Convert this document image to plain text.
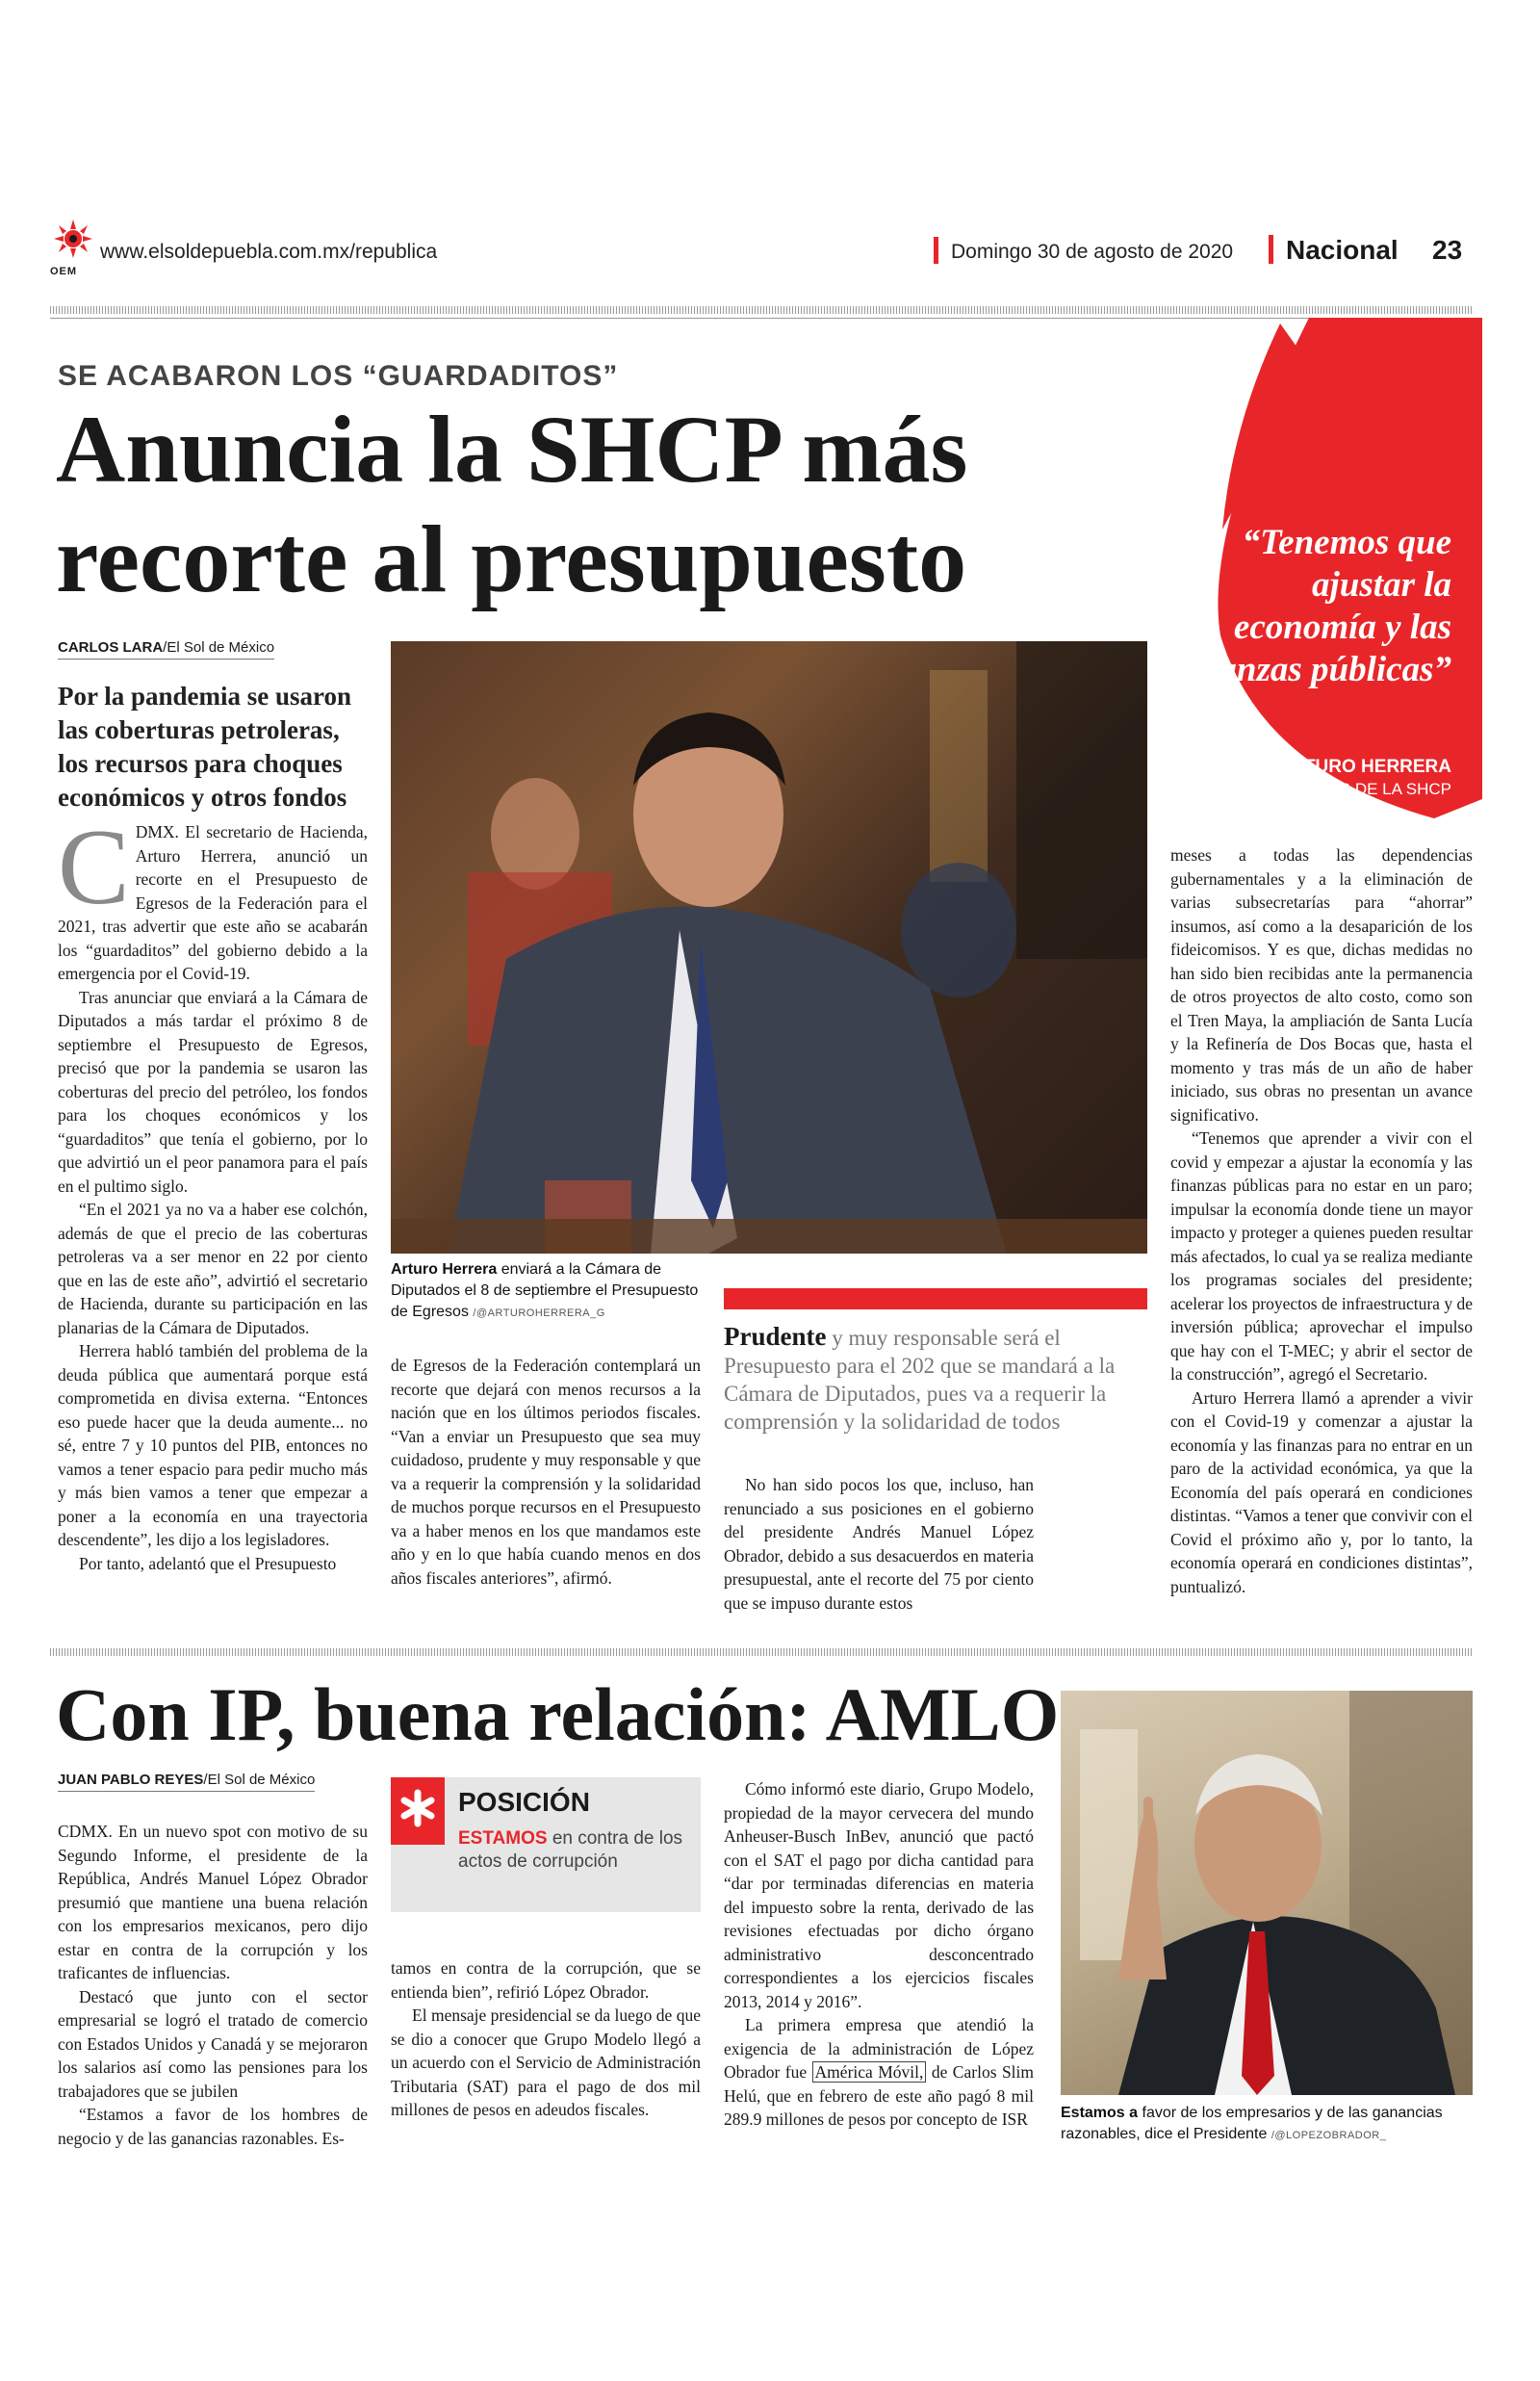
OEM
www.elsoldepuebla.com.mx/republica	Domingo 30 de agosto de 2020 Nacional 23
SE ACABARON LOS “GUARDADITOS”
Anuncia la SHCP más
recorte al presupuesto
CARLOS LARA/El Sol de México
Por la pandemia se usaron las coberturas petroleras, los recursos para choques económicos y otros fondos
C DMX. El secretario de Hacienda, Arturo Herrera, anunció un recorte en el Presupuesto de Egresos de la Federación para el 2021, tras advertir que este año se acabarán los “guardaditos” del gobierno debido a la emergencia por el Covid-19.

Tras anunciar que enviará a la Cámara de Diputados a más tardar el próximo 8 de septiembre el Presupuesto de Egresos, precisó que por la pandemia se usaron las coberturas del precio del petróleo, los fondos para los choques económicos y los “guardaditos” que tenía el gobierno, por lo que advirtió un el peor panamora para el país en el pultimo siglo.

“En el 2021 ya no va a haber ese colchón, además de que el precio de las coberturas petroleras va a ser menor en 22 por ciento que en las de este año”, advirtió el secretario de Hacienda, durante su participación en las planarias de la Cámara de Diputados.

Herrera habló también del problema de la deuda pública que aumentará porque está comprometida en divisa externa. “Entonces eso puede hacer que la deuda aumente... no sé, entre 7 y 10 puntos del PIB, entonces no vamos a tener espacio para pedir mucho más y más bien vamos a tener que empezar a poner a la economía en una trayectoria descendente”, les dijo a los legisladores.

Por tanto, adelantó que el Presupuesto

Arturo Herrera enviará a la Cámara de Diputados el 8 de septiembre el Presupuesto de Egresos /@ARTUROHERRERA_G

de Egresos de la Federación contemplará un recorte que dejará con menos recursos a la nación que en los últimos periodos fiscales. “Van a enviar un Presupuesto que sea muy cuidadoso, prudente y muy responsable y que va a requerir la comprensión y la solidaridad de muchos porque recursos en el Presupuesto va a haber menos en los que mandamos este año y en lo que había cuando menos en dos años fiscales anteriores”, afirmó.

Prudente y muy responsable será el Presupuesto para el 202 que se mandará a la Cámara de Diputados, pues va a requerir la comprensión y la solidaridad de todos

No han sido pocos los que, incluso, han renunciado a sus posiciones en el gobierno del presidente Andrés Manuel López Obrador, debido a sus desacuerdos en materia presupuestal, ante el recorte del 75 por ciento que se impuso durante estos

“Tenemos que ajustar la economía y las finanzas públicas”
ARTURO HERRERA
TITULAR DE LA SHCP

meses a todas las dependencias gubernamentales y a la eliminación de varias subsecretarías para “ahorrar” insumos, así como a la desaparición de los fideicomisos. Y es que, dichas medidas no han sido bien recibidas ante la permanencia de otros proyectos de alto costo, como son el Tren Maya, la ampliación de Santa Lucía y la Refinería de Dos Bocas que, hasta el momento y tras más de un año de haber iniciado, sus obras no presentan un avance significativo.

“Tenemos que aprender a vivir con el covid y empezar a ajustar la economía y las finanzas públicas para no estar en un paro; impulsar la economía donde tiene un mayor impacto y proteger a quienes pueden resultar más afectados, lo cual ya se realiza mediante los programas sociales del presidente; acelerar los proyectos de infraestructura y de inversión pública; aprovechar el impulso que hay con el T-MEC; y abrir el sector de la construcción”, agregó el Secretario.

Arturo Herrera llamó a aprender a vivir con el Covid-19 y comenzar a ajustar la economía y las finanzas para no entrar en un paro de la actividad económica, ya que la Economía del país operará en condiciones distintas. “Vamos a tener que convivir con el Covid el próximo año y, por lo tanto, la economía operará en condiciones distintas”, puntualizó.

Con IP, buena relación: AMLO
JUAN PABLO REYES/El Sol de México

CDMX. En un nuevo spot con motivo de su Segundo Informe, el presidente de la República, Andrés Manuel López Obrador presumió que mantiene una buena relación con los empresarios mexicanos, pero dijo estar en contra de la corrupción y los traficantes de influencias.

Destacó que junto con el sector empresarial se logró el tratado de comercio con Estados Unidos y Canadá y se mejoraron los salarios así como las pensiones para los trabajadores que se jubilen

“Estamos a favor de los hombres de negocio y de las ganancias razonables. Es-

POSICIÓN
ESTAMOS en contra de los actos de corrupción

tamos en contra de la corrupción, que se entienda bien”, refirió López Obrador.

El mensaje presidencial se da luego de que se dio a conocer que Grupo Modelo llegó a un acuerdo con el Servicio de Administración Tributaria (SAT) para el pago de dos mil millones de pesos en adeudos fiscales.

Cómo informó este diario, Grupo Modelo, propiedad de la mayor cervecera del mundo Anheuser-Busch InBev, anunció que pactó con el SAT el pago por dicha cantidad para “dar por terminadas diferencias en materia del impuesto sobre la renta, derivado de las revisiones efectuadas por dicho órgano administrativo desconcentrado correspondientes a los ejercicios fiscales 2013, 2014 y 2016”.

La primera empresa que atendió la exigencia de la administración de López Obrador fue América Móvil, de Carlos Slim Helú, que en febrero de este año pagó 8 mil 289.9 millones de pesos por concepto de ISR	Estamos a favor de los empresarios y de las ganancias razonables, dice el Presidente /@LOPEZOBRADOR_
